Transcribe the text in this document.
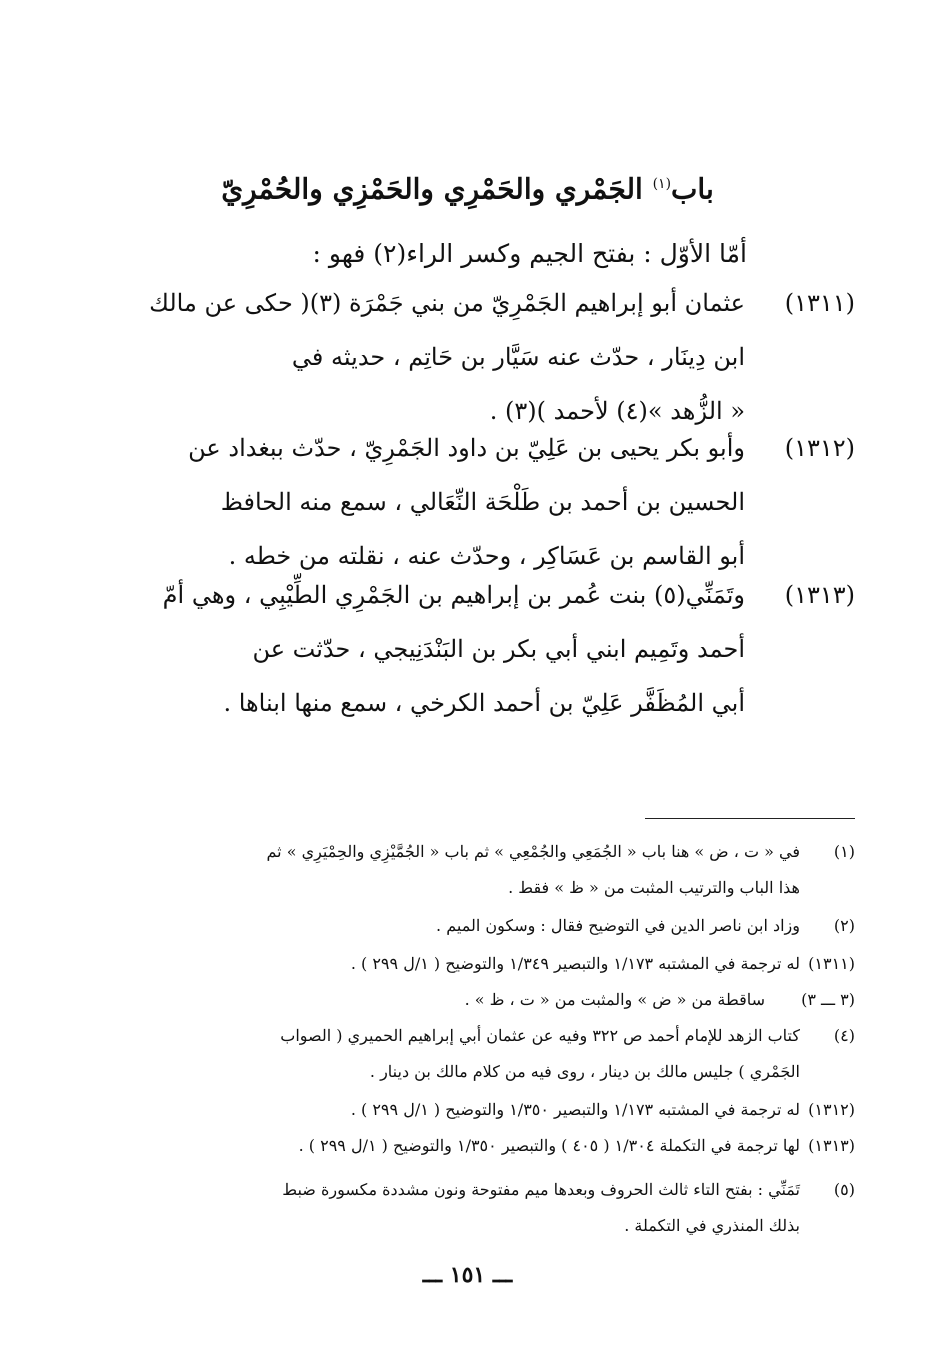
باب$^{(١)}$ الجَمْري والحَمْرِي والحَمْزِي والحُمْرِيّ
أمّا الأوّل : بفتح الجيم وكسر الراء(٢) فهو :
(١٣١١)
عثمان أبو إبراهيم الجَمْرِيّ من بني جَمْرَة (٣)( حكى عن مالك
ابن دِينَار ، حدّث عنه سَيَّار بن حَاتِم ، حديثه في
« الزُّهد »(٤) لأحمد )(٣) .
(١٣١٢)
وأبو بكر يحيى بن عَلِيّ بن داود الجَمْرِيّ ، حدّث ببغداد عن
الحسين بن أحمد بن طَلْحَة النِّعَالي ، سمع منه الحافظ
أبو القاسم بن عَسَاكِر ، وحدّث عنه ، نقلته من خطه .
(١٣١٣)
وتَمَنِّي(٥) بنت عُمر بن إبراهيم بن الجَمْرِي الطِّيْبِي ، وهي أمّ
أحمد وتَمِيم ابني أبي بكر بن البَنْدَنِيجي ، حدّثت عن
أبي المُظَفَّر عَلِيّ بن أحمد الكرخي ، سمع منها ابناها .
(١)
في « ت ، ض » هنا باب « الجُمَعِي والجُمْعِي » ثم باب « الجُمَّيْزِي والحِمْيَرِي » ثم
هذا الباب والترتيب المثبت من « ظ » فقط .
(٢)
وزاد ابن ناصر الدين في التوضيح فقال : وسكون الميم .
(١٣١١)
له ترجمة في المشتبه ١/١٧٣ والتبصير ١/٣٤٩ والتوضيح ( ١/ل ٢٩٩ ) .
(٣ ـــ ٣)
ساقطة من « ض » والمثبت من « ت ، ظ » .
(٤)
كتاب الزهد للإمام أحمد ص ٣٢٢ وفيه عن عثمان أبي إبراهيم الحميري ( الصواب
الجَمْري ) جليس مالك بن دينار ، روى فيه من كلام مالك بن دينار .
(١٣١٢)
له ترجمة في المشتبه ١/١٧٣ والتبصير ١/٣٥٠ والتوضيح ( ١/ل ٢٩٩ ) .
(١٣١٣)
لها ترجمة في التكملة ١/٣٠٤ ( ٤٠٥ ) والتبصير ١/٣٥٠ والتوضيح ( ١/ل ٢٩٩ ) .
(٥)
تَمَنِّي : بفتح التاء ثالث الحروف وبعدها ميم مفتوحة ونون مشددة مكسورة ضبط
بذلك المنذري في التكملة .
ـــ ١٥١ ـــ
